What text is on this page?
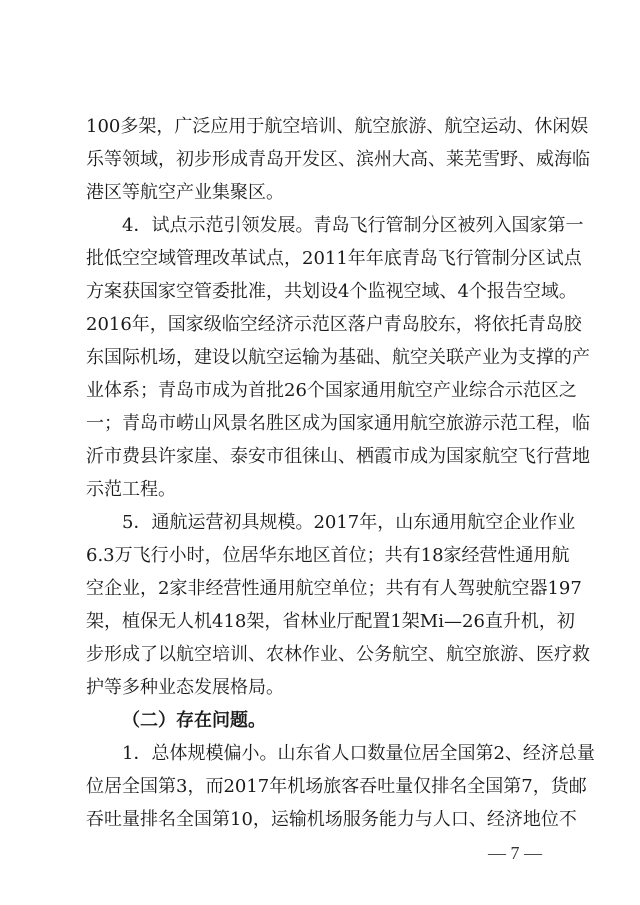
100多架，广泛应用于航空培训、航空旅游、航空运动、休闲娱
乐等领域，初步形成青岛开发区、滨州大高、莱芜雪野、威海临
港区等航空产业集聚区。
4．试点示范引领发展。青岛飞行管制分区被列入国家第一
批低空空域管理改革试点，2011年年底青岛飞行管制分区试点
方案获国家空管委批准，共划设4个监视空域、4个报告空域。
2016年，国家级临空经济示范区落户青岛胶东，将依托青岛胶
东国际机场，建设以航空运输为基础、航空关联产业为支撑的产
业体系；青岛市成为首批26个国家通用航空产业综合示范区之
一；青岛市崂山风景名胜区成为国家通用航空旅游示范工程，临
沂市费县许家崖、泰安市徂徕山、栖霞市成为国家航空飞行营地
示范工程。
5．通航运营初具规模。2017年，山东通用航空企业作业
6.3万飞行小时，位居华东地区首位；共有18家经营性通用航
空企业，2家非经营性通用航空单位；共有有人驾驶航空器197
架，植保无人机418架，省林业厅配置1架Mi—26直升机，初
步形成了以航空培训、农林作业、公务航空、航空旅游、医疗救
护等多种业态发展格局。
（二）存在问题。
1．总体规模偏小。山东省人口数量位居全国第2、经济总量
位居全国第3，而2017年机场旅客吞吐量仅排名全国第7，货邮
吞吐量排名全国第10，运输机场服务能力与人口、经济地位不
— 7 —
